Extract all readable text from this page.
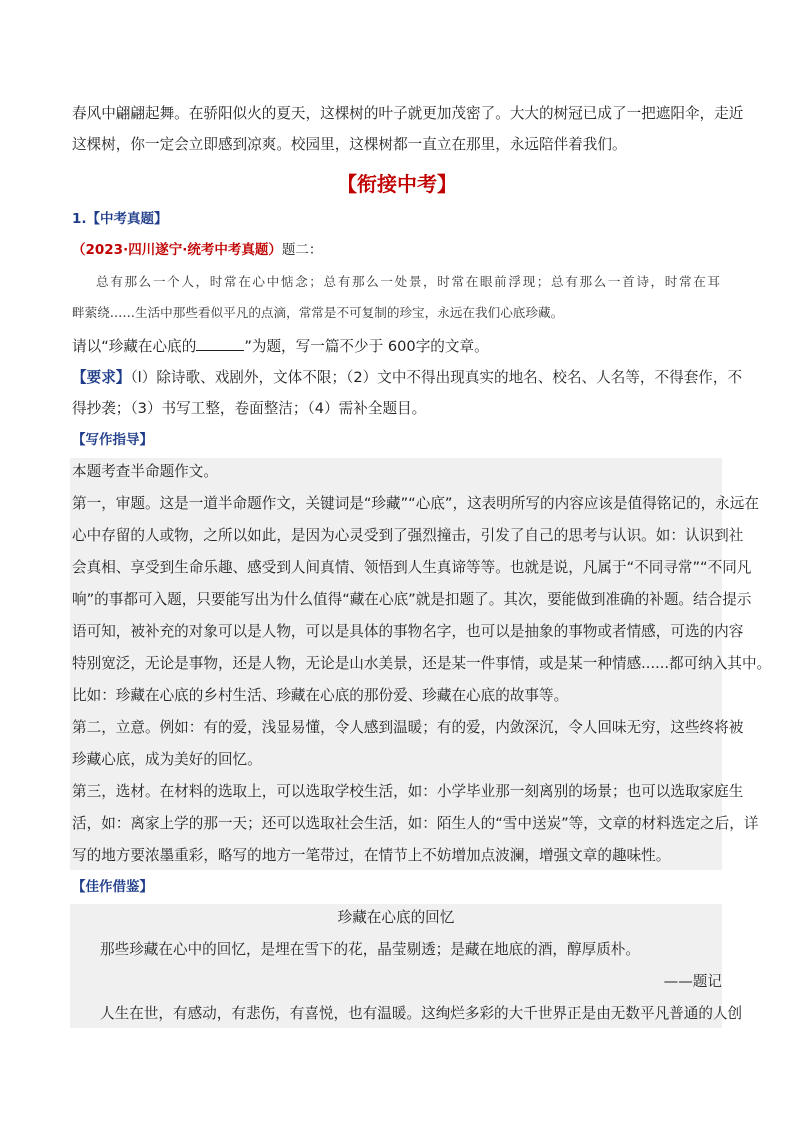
春风中翩翩起舞。在骄阳似火的夏天，这棵树的叶子就更加茂密了。大大的树冠已成了一把遮阳伞，走近
这棵树，你一定会立即感到凉爽。校园里，这棵树都一直立在那里，永远陪伴着我们。
【衔接中考】
1.【中考真题】
（2023·四川遂宁·统考中考真题）题二：
总有那么一个人，时常在心中惦念；总有那么一处景，时常在眼前浮现；总有那么一首诗，时常在耳
畔萦绕……生活中那些看似平凡的点滴，常常是不可复制的珍宝，永远在我们心底珍藏。
请以“珍藏在心底的	”为题，写一篇不少于 600字的文章。
【要求】（l）除诗歌、戏剧外，文体不限；（2）文中不得出现真实的地名、校名、人名等，不得套作，不
得抄袭；（3）书写工整，卷面整洁；（4）需补全题目。
【写作指导】
本题考查半命题作文。
第一，审题。这是一道半命题作文，关键词是“珍藏”“心底”，这表明所写的内容应该是值得铭记的，永远在
心中存留的人或物，之所以如此，是因为心灵受到了强烈撞击，引发了自己的思考与认识。如：认识到社
会真相、享受到生命乐趣、感受到人间真情、领悟到人生真谛等等。也就是说，凡属于“不同寻常”“不同凡
响”的事都可入题，只要能写出为什么值得“藏在心底”就是扣题了。其次，要能做到准确的补题。结合提示
语可知，被补充的对象可以是人物，可以是具体的事物名字，也可以是抽象的事物或者情感，可选的内容
特别宽泛，无论是事物，还是人物，无论是山水美景，还是某一件事情，或是某一种情感......都可纳入其中。
比如：珍藏在心底的乡村生活、珍藏在心底的那份爱、珍藏在心底的故事等。
第二，立意。例如：有的爱，浅显易懂，令人感到温暖；有的爱，内敛深沉，令人回味无穷，这些终将被
珍藏心底，成为美好的回忆。
第三，选材。在材料的选取上，可以选取学校生活，如：小学毕业那一刻离别的场景；也可以选取家庭生
活，如：离家上学的那一天；还可以选取社会生活，如：陌生人的“雪中送炭”等，文章的材料选定之后，详
写的地方要浓墨重彩，略写的地方一笔带过，在情节上不妨增加点波澜，增强文章的趣味性。
【佳作借鉴】
珍藏在心底的回忆
那些珍藏在心中的回忆，是埋在雪下的花，晶莹剔透；是藏在地底的酒，醇厚质朴。
——题记
人生在世，有感动，有悲伤，有喜悦，也有温暖。这绚烂多彩的大千世界正是由无数平凡普通的人创
